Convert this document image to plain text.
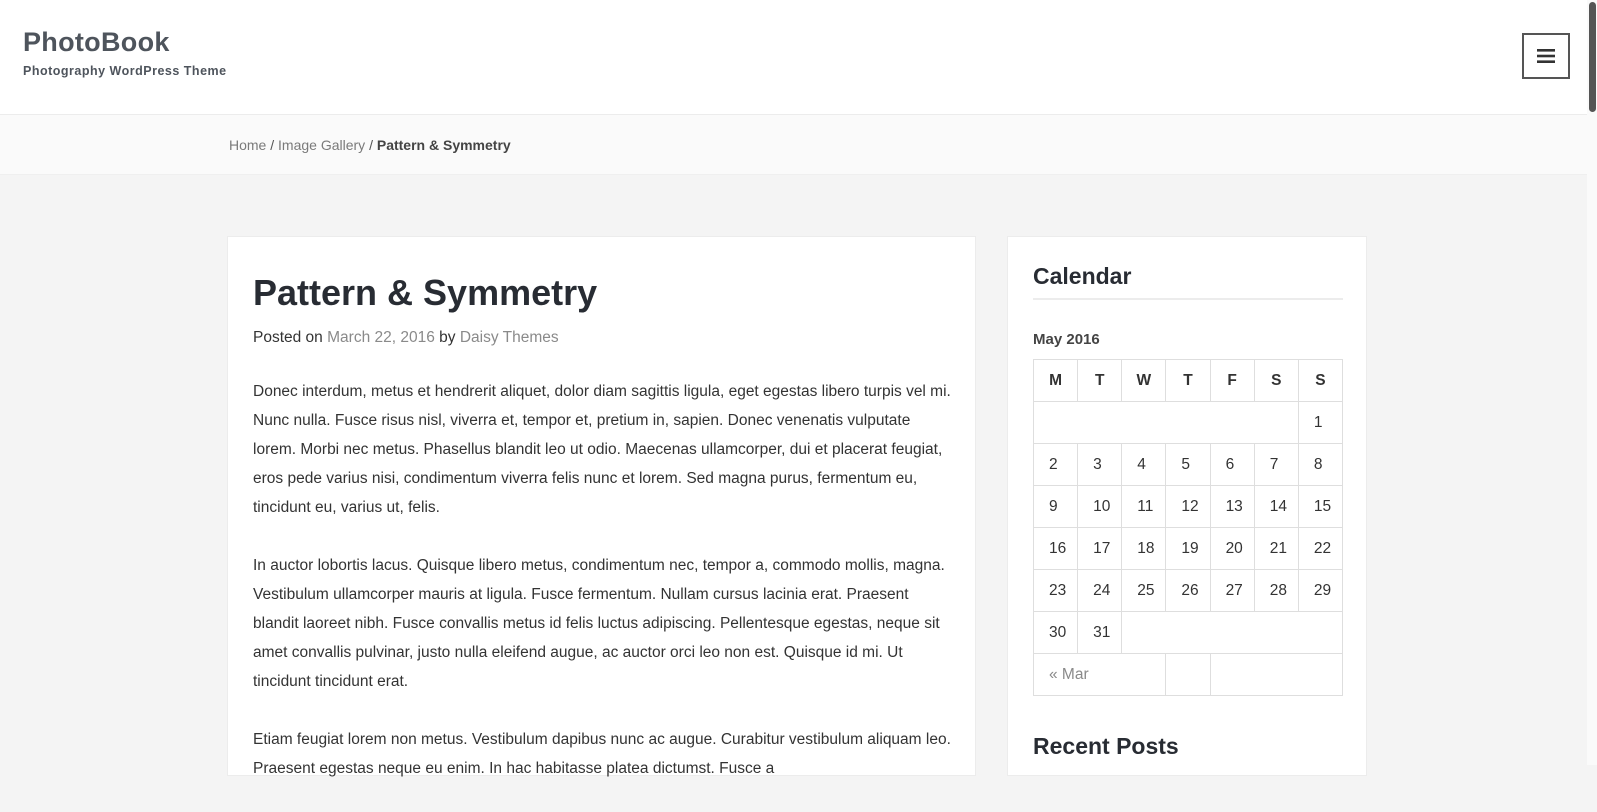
PhotoBook
Photography WordPress Theme
Home / Image Gallery / Pattern & Symmetry
Pattern & Symmetry
Posted on March 22, 2016 by Daisy Themes

Donec interdum, metus et hendrerit aliquet, dolor diam sagittis ligula, eget egestas libero turpis vel mi. Nunc nulla. Fusce risus nisl, viverra et, tempor et, pretium in, sapien. Donec venenatis vulputate lorem. Morbi nec metus. Phasellus blandit leo ut odio. Maecenas ullamcorper, dui et placerat feugiat, eros pede varius nisi, condimentum viverra felis nunc et lorem. Sed magna purus, fermentum eu, tincidunt eu, varius ut, felis.

In auctor lobortis lacus. Quisque libero metus, condimentum nec, tempor a, commodo mollis, magna. Vestibulum ullamcorper mauris at ligula. Fusce fermentum. Nullam cursus lacinia erat. Praesent blandit laoreet nibh. Fusce convallis metus id felis luctus adipiscing. Pellentesque egestas, neque sit amet convallis pulvinar, justo nulla eleifend augue, ac auctor orci leo non est. Quisque id mi. Ut tincidunt tincidunt erat.

Etiam feugiat lorem non metus. Vestibulum dapibus nunc ac augue. Curabitur vestibulum aliquam leo. Praesent egestas neque eu enim. In hac habitasse platea dictumst. Fusce a

Calendar
May 2016
M	T	W	T	F	S	S
						1
2	3	4	5	6	7	8
9	10	11	12	13	14	15
16	17	18	19	20	21	22
23	24	25	26	27	28	29
30	31					
« Mar						
Recent Posts
